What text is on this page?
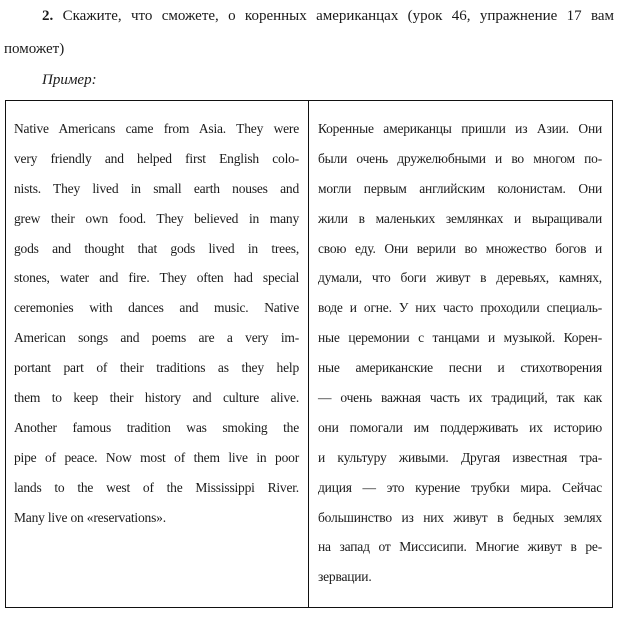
2. Скажите, что сможете, о коренных американцах (урок 46, упражнение 17 вам
поможет)
Пример:
Native Americans came from Asia. They were
very friendly and helped first English colo-
nists. They lived in small earth nouses and
grew their own food. They believed in many
gods and thought that gods lived in trees,
stones, water and fire. They often had special
ceremonies with dances and music. Native
American songs and poems are a very im-
portant part of their traditions as they help
them to keep their history and culture alive.
Another famous tradition was smoking the
pipe of peace. Now most of them live in poor
lands to the west of the Mississippi River.
Many live on «reservations».
Коренные американцы пришли из Азии. Они
были очень дружелюбными и во многом по-
могли первым английским колонистам. Они
жили в маленьких землянках и выращивали
свою еду. Они верили во множество богов и
думали, что боги живут в деревьях, камнях,
воде и огне. У них часто проходили специаль-
ные церемонии с танцами и музыкой. Корен-
ные американские песни и стихотворения
— очень важная часть их традиций, так как
они помогали им поддерживать их историю
и культуру живыми. Другая известная тра-
диция — это курение трубки мира. Сейчас
большинство из них живут в бедных землях
на запад от Миссисипи. Многие живут в ре-
зервации.
